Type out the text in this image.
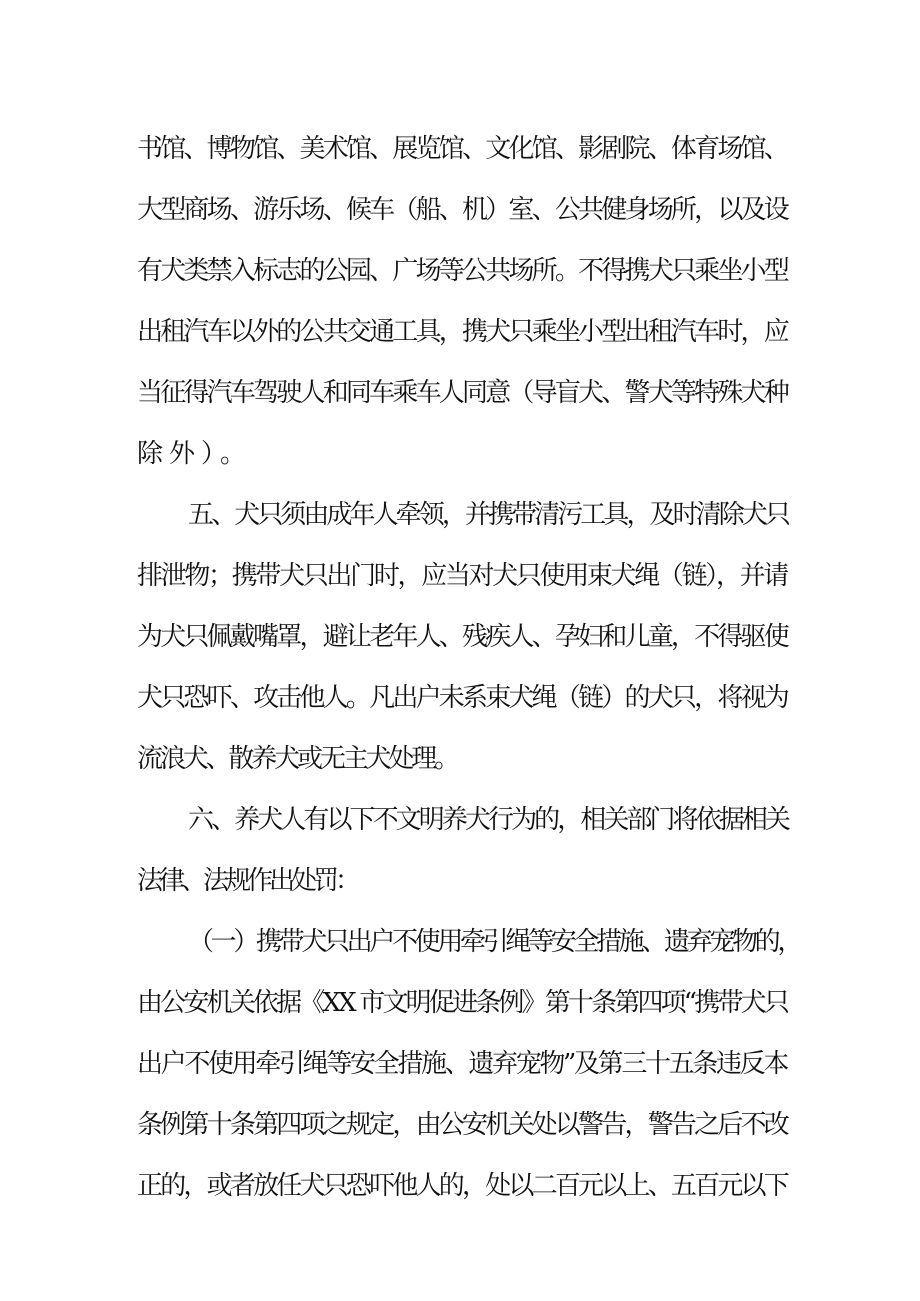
书馆、博物馆、美术馆、展览馆、文化馆、影剧院、体育场馆、
大型商场、游乐场、候车（船、机）室、公共健身场所，以及设
有犬类禁入标志的公园、广场等公共场所。不得携犬只乘坐小型
出租汽车以外的公共交通工具，携犬只乘坐小型出租汽车时，应
当征得汽车驾驶人和同车乘车人同意（导盲犬、警犬等特殊犬种
除外）。
五、犬只须由成年人牵领，并携带清污工具，及时清除犬只
排泄物；携带犬只出门时，应当对犬只使用束犬绳（链），并请
为犬只佩戴嘴罩，避让老年人、残疾人、孕妇和儿童，不得驱使
犬只恐吓、攻击他人。凡出户未系束犬绳（链）的犬只，将视为
流浪犬、散养犬或无主犬处理。
六、养犬人有以下不文明养犬行为的，相关部门将依据相关
法律、法规作出处罚：
（一）携带犬只出户不使用牵引绳等安全措施、遗弃宠物的，
由公安机关依据《XX 市文明促进条例》第十条第四项“携带犬只
出户不使用牵引绳等安全措施、遗弃宠物”及第三十五条违反本
条例第十条第四项之规定，由公安机关处以警告，警告之后不改
正的，或者放任犬只恐吓他人的，处以二百元以上、五百元以下
